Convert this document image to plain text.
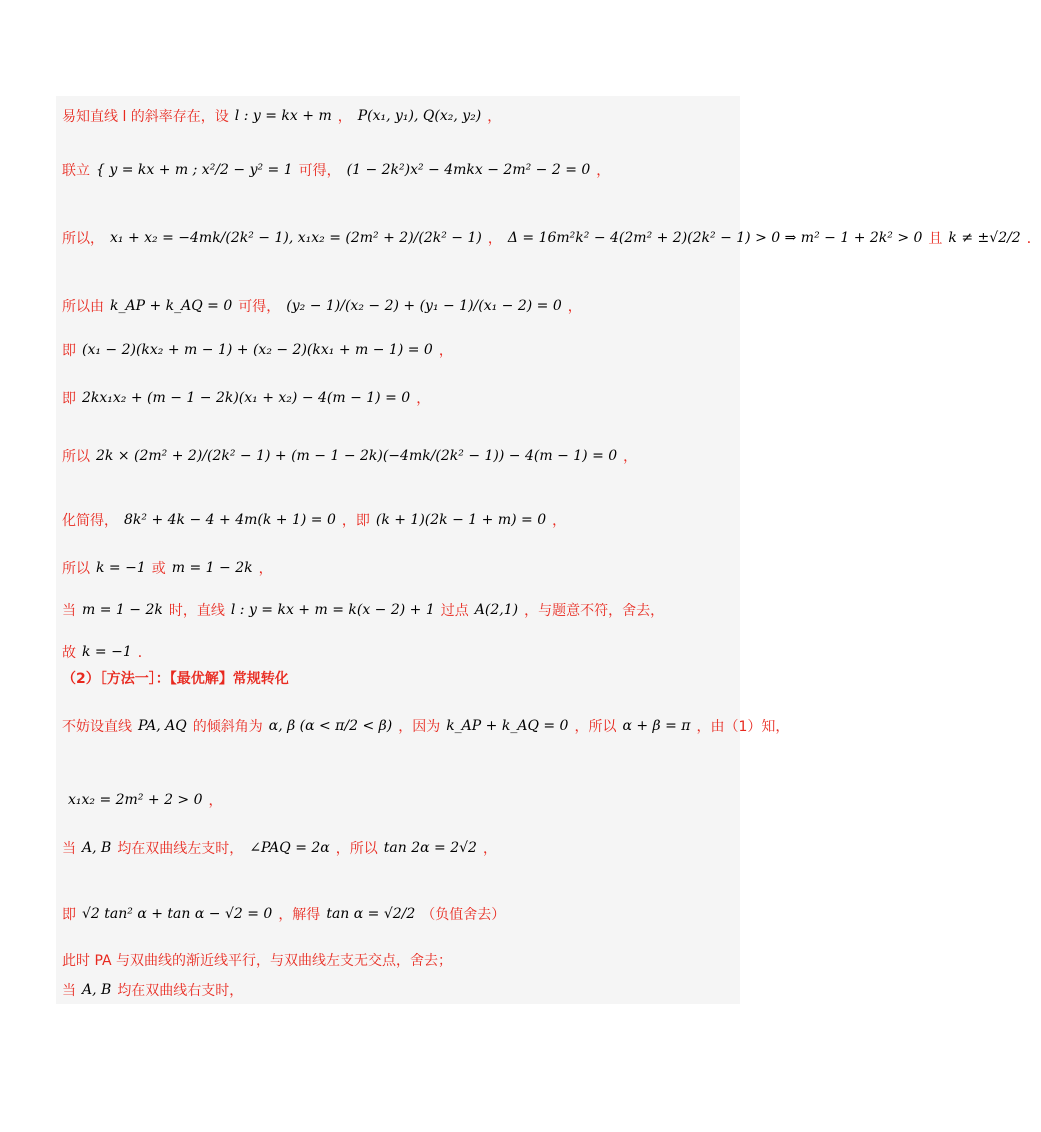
易知直线 l 的斜率存在，设 l : y = kx + m ， P(x₁, y₁), Q(x₂, y₂) ，
联立 { y = kx + m ; x²/2 − y² = 1 可得， (1 − 2k²)x² − 4mkx − 2m² − 2 = 0 ，
所以， x₁ + x₂ = −4mk/(2k² − 1), x₁x₂ = (2m² + 2)/(2k² − 1) ， Δ = 16m²k² − 4(2m² + 2)(2k² − 1) > 0 ⇒ m² − 1 + 2k² > 0 且 k ≠ ±√2/2 ．
所以由 k_AP + k_AQ = 0 可得， (y₂ − 1)/(x₂ − 2) + (y₁ − 1)/(x₁ − 2) = 0 ，
即 (x₁ − 2)(kx₂ + m − 1) + (x₂ − 2)(kx₁ + m − 1) = 0 ，
即 2kx₁x₂ + (m − 1 − 2k)(x₁ + x₂) − 4(m − 1) = 0 ，
所以 2k × (2m² + 2)/(2k² − 1) + (m − 1 − 2k)(−4mk/(2k² − 1)) − 4(m − 1) = 0 ，
化简得， 8k² + 4k − 4 + 4m(k + 1) = 0 ，即 (k + 1)(2k − 1 + m) = 0 ，
所以 k = −1 或 m = 1 − 2k ，
当 m = 1 − 2k 时，直线 l : y = kx + m = k(x − 2) + 1 过点 A(2,1) ，与题意不符，舍去，
故 k = −1 ．
（2）［方法一］：【最优解】常规转化
不妨设直线 PA, AQ 的倾斜角为 α, β (α < π/2 < β) ，因为 k_AP + k_AQ = 0 ，所以 α + β = π ，由（1）知，
x₁x₂ = 2m² + 2 > 0 ，
当 A, B 均在双曲线左支时， ∠PAQ = 2α ，所以 tan 2α = 2√2 ，
即 √2 tan² α + tan α − √2 = 0 ，解得 tan α = √2/2 （负值舍去）
此时 PA 与双曲线的渐近线平行，与双曲线左支无交点，舍去；
当 A, B 均在双曲线右支时，
